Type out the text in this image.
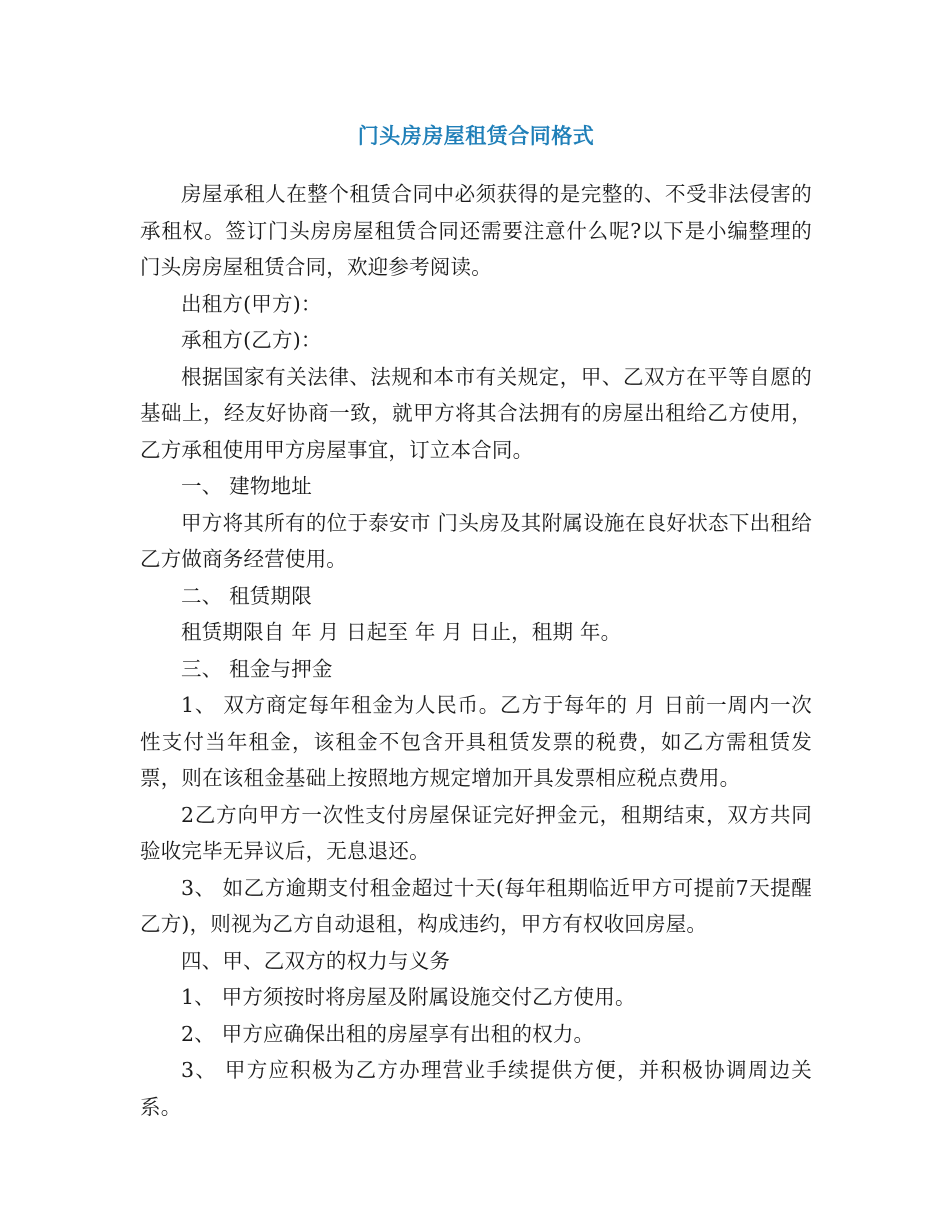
门头房房屋租赁合同格式

房屋承租人在整个租赁合同中必须获得的是完整的、不受非法侵害的承租权。签订门头房房屋租赁合同还需要注意什么呢?以下是小编整理的门头房房屋租赁合同，欢迎参考阅读。

出租方(甲方)：

承租方(乙方)：

根据国家有关法律、法规和本市有关规定，甲、乙双方在平等自愿的基础上，经友好协商一致，就甲方将其合法拥有的房屋出租给乙方使用，乙方承租使用甲方房屋事宜，订立本合同。

一、 建物地址

甲方将其所有的位于泰安市 门头房及其附属设施在良好状态下出租给乙方做商务经营使用。

二、 租赁期限

租赁期限自 年 月 日起至 年 月 日止，租期 年。

三、 租金与押金

1、 双方商定每年租金为人民币。乙方于每年的 月 日前一周内一次性支付当年租金，该租金不包含开具租赁发票的税费，如乙方需租赁发票，则在该租金基础上按照地方规定增加开具发票相应税点费用。

2乙方向甲方一次性支付房屋保证完好押金元，租期结束，双方共同验收完毕无异议后，无息退还。

3、 如乙方逾期支付租金超过十天(每年租期临近甲方可提前7天提醒乙方)，则视为乙方自动退租，构成违约，甲方有权收回房屋。

四、甲、乙双方的权力与义务

1、 甲方须按时将房屋及附属设施交付乙方使用。

2、 甲方应确保出租的房屋享有出租的权力。

3、 甲方应积极为乙方办理营业手续提供方便，并积极协调周边关系。
